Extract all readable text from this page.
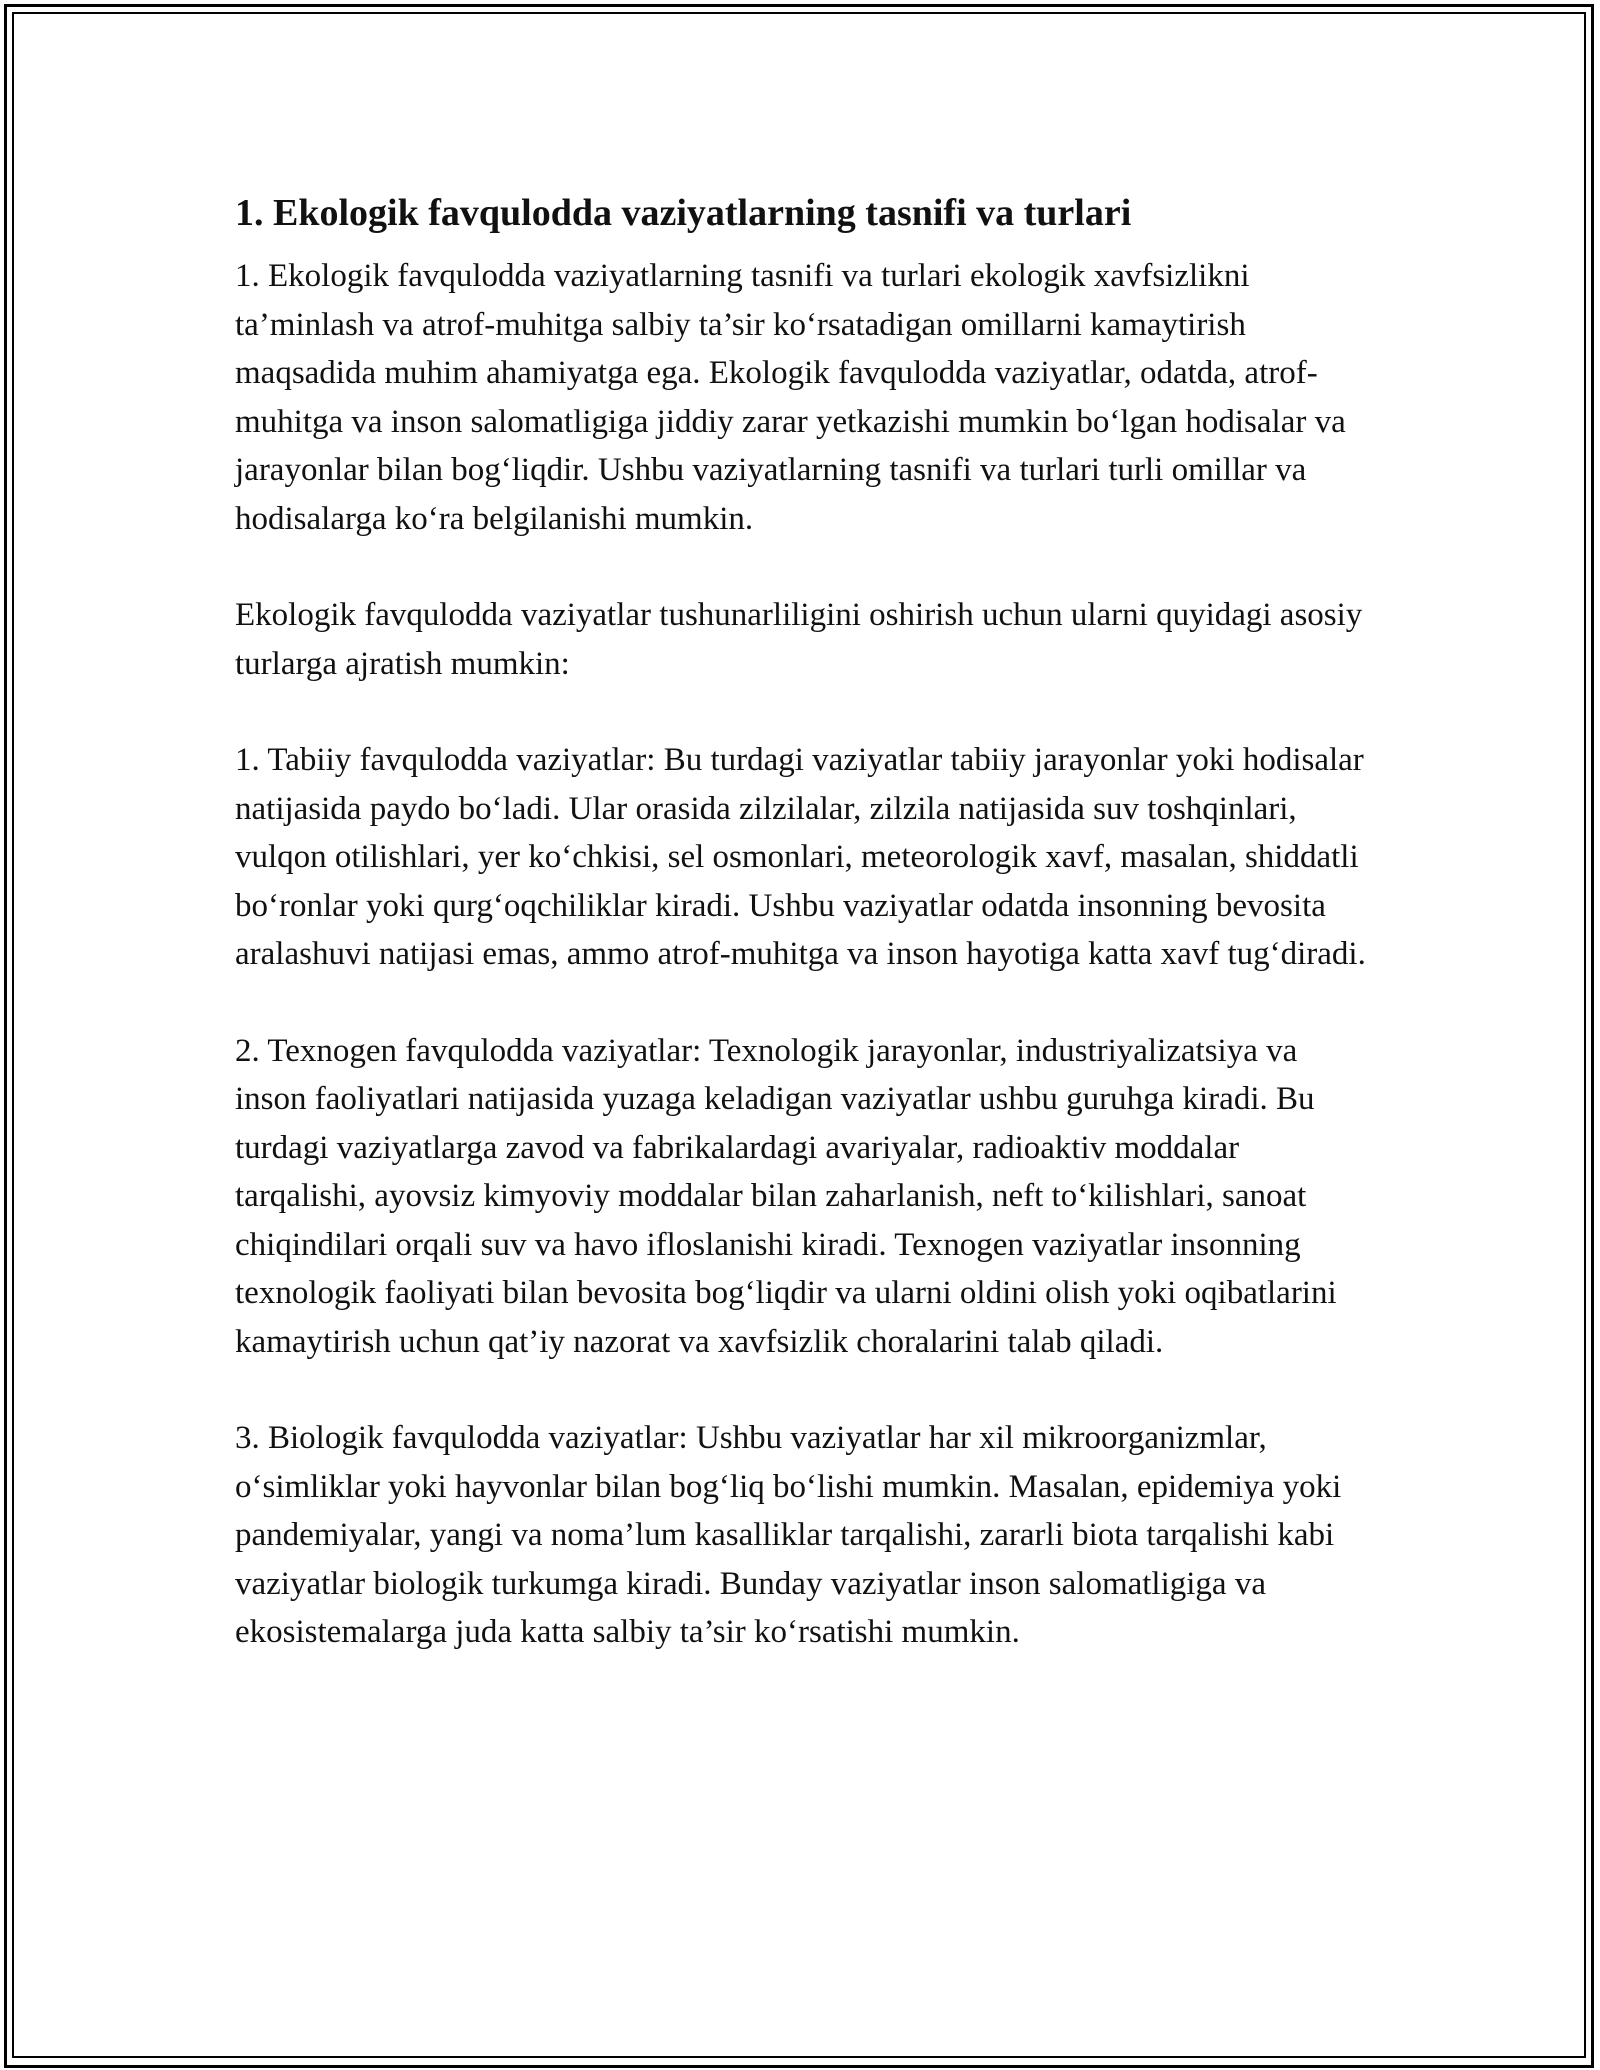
1. Ekologik favqulodda vaziyatlarning tasnifi va turlari

1. Ekologik favqulodda vaziyatlarning tasnifi va turlari ekologik xavfsizlikni ta’minlash va atrof-muhitga salbiy ta’sir ko‘rsatadigan omillarni kamaytirish maqsadida muhim ahamiyatga ega. Ekologik favqulodda vaziyatlar, odatda, atrof-muhitga va inson salomatligiga jiddiy zarar yetkazishi mumkin bo‘lgan hodisalar va jarayonlar bilan bog‘liqdir. Ushbu vaziyatlarning tasnifi va turlari turli omillar va hodisalarga ko‘ra belgilanishi mumkin.

Ekologik favqulodda vaziyatlar tushunarliligini oshirish uchun ularni quyidagi asosiy turlarga ajratish mumkin:

1. Tabiiy favqulodda vaziyatlar: Bu turdagi vaziyatlar tabiiy jarayonlar yoki hodisalar natijasida paydo bo‘ladi. Ular orasida zilzilalar, zilzila natijasida suv toshqinlari, vulqon otilishlari, yer ko‘chkisi, sel osmonlari, meteorologik xavf, masalan, shiddatli bo‘ronlar yoki qurg‘oqchiliklar kiradi. Ushbu vaziyatlar odatda insonning bevosita aralashuvi natijasi emas, ammo atrof-muhitga va inson hayotiga katta xavf tug‘diradi.

2. Texnogen favqulodda vaziyatlar: Texnologik jarayonlar, industriyalizatsiya va inson faoliyatlari natijasida yuzaga keladigan vaziyatlar ushbu guruhga kiradi. Bu turdagi vaziyatlarga zavod va fabrikalardagi avariyalar, radioaktiv moddalar tarqalishi, ayovsiz kimyoviy moddalar bilan zaharlanish, neft to‘kilishlari, sanoat chiqindilari orqali suv va havo ifloslanishi kiradi. Texnogen vaziyatlar insonning texnologik faoliyati bilan bevosita bog‘liqdir va ularni oldini olish yoki oqibatlarini kamaytirish uchun qat’iy nazorat va xavfsizlik choralarini talab qiladi.

3. Biologik favqulodda vaziyatlar: Ushbu vaziyatlar har xil mikroorganizmlar, o‘simliklar yoki hayvonlar bilan bog‘liq bo‘lishi mumkin. Masalan, epidemiya yoki pandemiyalar, yangi va noma’lum kasalliklar tarqalishi, zararli biota tarqalishi kabi vaziyatlar biologik turkumga kiradi. Bunday vaziyatlar inson salomatligiga va ekosistemalarga juda katta salbiy ta’sir ko‘rsatishi mumkin.
